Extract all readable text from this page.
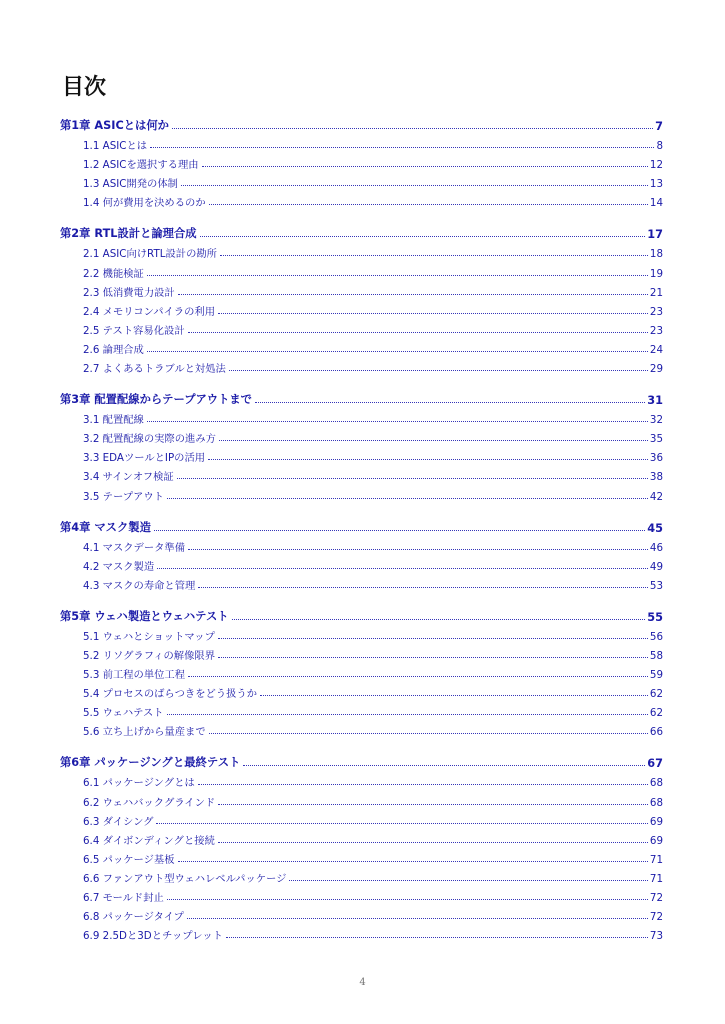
目次
第1章 ASICとは何か	7
1.1 ASICとは	8
1.2 ASICを選択する理由	12
1.3 ASIC開発の体制	13
1.4 何が費用を決めるのか	14
第2章 RTL設計と論理合成	17
2.1 ASIC向けRTL設計の勘所	18
2.2 機能検証	19
2.3 低消費電力設計	21
2.4 メモリコンパイラの利用	23
2.5 テスト容易化設計	23
2.6 論理合成	24
2.7 よくあるトラブルと対処法	29
第3章 配置配線からテープアウトまで	31
3.1 配置配線	32
3.2 配置配線の実際の進み方	35
3.3 EDAツールとIPの活用	36
3.4 サインオフ検証	38
3.5 テープアウト	42
第4章 マスク製造	45
4.1 マスクデータ準備	46
4.2 マスク製造	49
4.3 マスクの寿命と管理	53
第5章 ウェハ製造とウェハテスト	55
5.1 ウェハとショットマップ	56
5.2 リソグラフィの解像限界	58
5.3 前工程の単位工程	59
5.4 プロセスのばらつきをどう扱うか	62
5.5 ウェハテスト	62
5.6 立ち上げから量産まで	66
第6章 パッケージングと最終テスト	67
6.1 パッケージングとは	68
6.2 ウェハバックグラインド	68
6.3 ダイシング	69
6.4 ダイボンディングと接続	69
6.5 パッケージ基板	71
6.6 ファンアウト型ウェハレベルパッケージ	71
6.7 モールド封止	72
6.8 パッケージタイプ	72
6.9 2.5Dと3Dとチップレット	73
4
